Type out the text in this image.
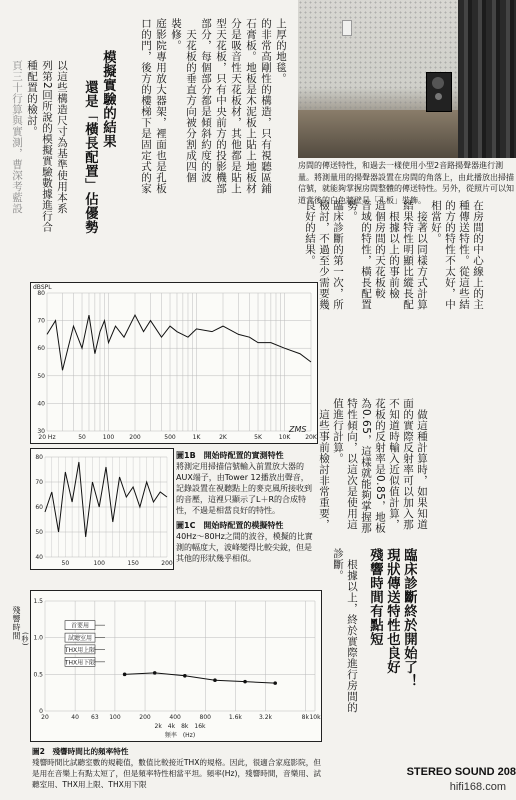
頁三十行算與實測，曹深考藍設 種配置的檢討。 列第2回所說的模擬實驗數據進行合 以這些構造尺寸為基準使用本系 還是「橫長配置」佔優勢 模擬實驗的結果 口的門，後方的樓梯下是固定式的家 庭影院專用放大器架，裡面也是孔板 裝修。 　天花板的垂直方向被分割成四個 部分，每個部分都是傾斜約度的波 型天花板，只有中央前方的投影機部 分是吸音性天花板材，其他都是貼上 石膏板。地板是木泥板上貼上地板材 的非常高剛性的構造，只有視聽區鋪 上厚的地毯。
房間的傳送特性，和過去一樣使用小型2音路揚聲器進行測量。將測量用的揚聲器設置在房間的角落上，由此播放出掃描信號，就能夠掌握房間整體的傳送特性。另外，從照片可以知道背後的白色牆壁是「孔板」裝飾。
良好的結果。 檢討，不過至少需要幾
臨床診斷的第一次，所
勢。 音域的特性，橫長配置
這個房間的天花板較
　根據以上的事前檢
結果特性明顯比縱長配
　接著以同樣方式計算
相當好。 的方的特性不太好，中
種傳送特性。從這些結
在房間的中心線上的主
值進行計算。 特性傾向，以這次是使用這
為0.65，這樣就能夠掌握那
花板的反射率是0.85，地板
不知道時輸入近似值計算，
面的實際反射率可以加入那
　做這種計算時，如果知道
　這些事前檢討非常重要，
殘響時間有點短 現狀傳送特性也良好 臨床診斷終於開始了！
診斷。 　根據以上，終於實際進行房間的
dBSPL
80
70
60
50
40
30
20 Hz	50	100	200	500	1K	2K	5K	10K 20K
ZMS
80
70
60
50
40
50	100	150	200
圖1B　開始時配置的實測特性
將測定用掃描信號輸入前置放大器的AUX端子，由Tower 12播放出聲音，記錄設置在視聽點上的麥克風所接收到的音壓，這裡只顯示了L＋R的合成特性，不過是相當良好的特性。
圖1C　開始時配置的模擬特性
40Hz～80Hz之間的波谷，模擬的比實測的幅度大，波峰變得比較尖銳，但是其他的形狀幾乎相似。
1.5
1.0
0.5
0
20	40 63 100	200	400	800	1.6k	3.2k	8k 10k
2k　4k　8k　16k
頻率　(Hz)
首要用
試聽室用
THX用上限
THX用下限
殘響時間 (秒)
圖2　殘響時間比的頻率特性
殘響時間比試聽室數的規範值，數值比較接近THX的規格。因此，很適合家庭影院，但是用在音樂上有點太短了，但是頻率特性相當平坦。頻率(Hz)，殘響時間，音樂用、試聽室用、THX用上限、THX用下限
STEREO SOUND 208
hifi168.com
